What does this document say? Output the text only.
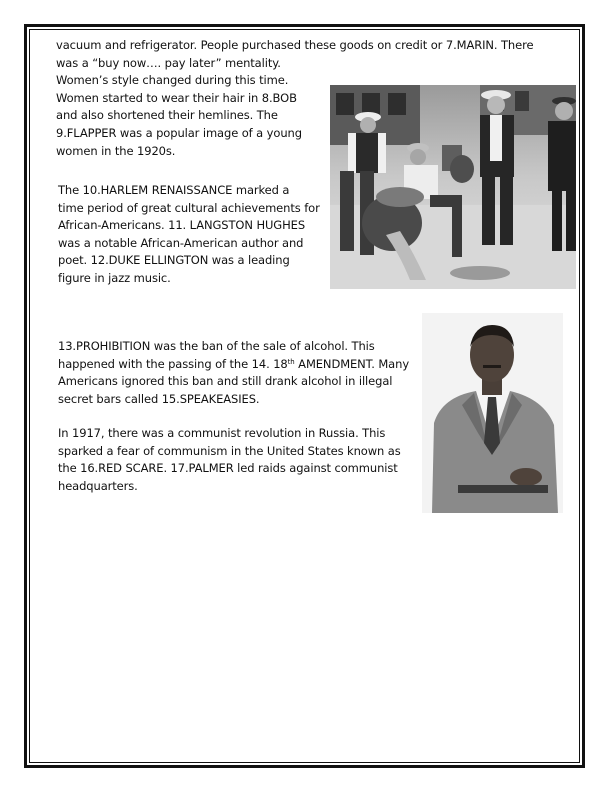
vacuum and refrigerator. People purchased these goods on credit or 7.MARIN. There
was a “buy now…. pay later” mentality.
Women’s style changed during this time.
Women started to wear their hair in 8.BOB
and also shortened their hemlines. The
9.FLAPPER was a popular image of a young
women in the 1920s.
The 10.HARLEM RENAISSANCE marked a
time period of great cultural achievements for
African-Americans. 11. LANGSTON HUGHES
was a notable African-American author and
poet. 12.DUKE ELLINGTON was a leading
figure in jazz music.
13.PROHIBITION was the ban of the sale of alcohol. This
happened with the passing of the 14. 18th AMENDMENT. Many
Americans ignored this ban and still drank alcohol in illegal
secret bars called 15.SPEAKEASIES.
In 1917, there was a communist revolution in Russia. This
sparked a fear of communism in the United States known as
the 16.RED SCARE. 17.PALMER led raids against communist
headquarters.
